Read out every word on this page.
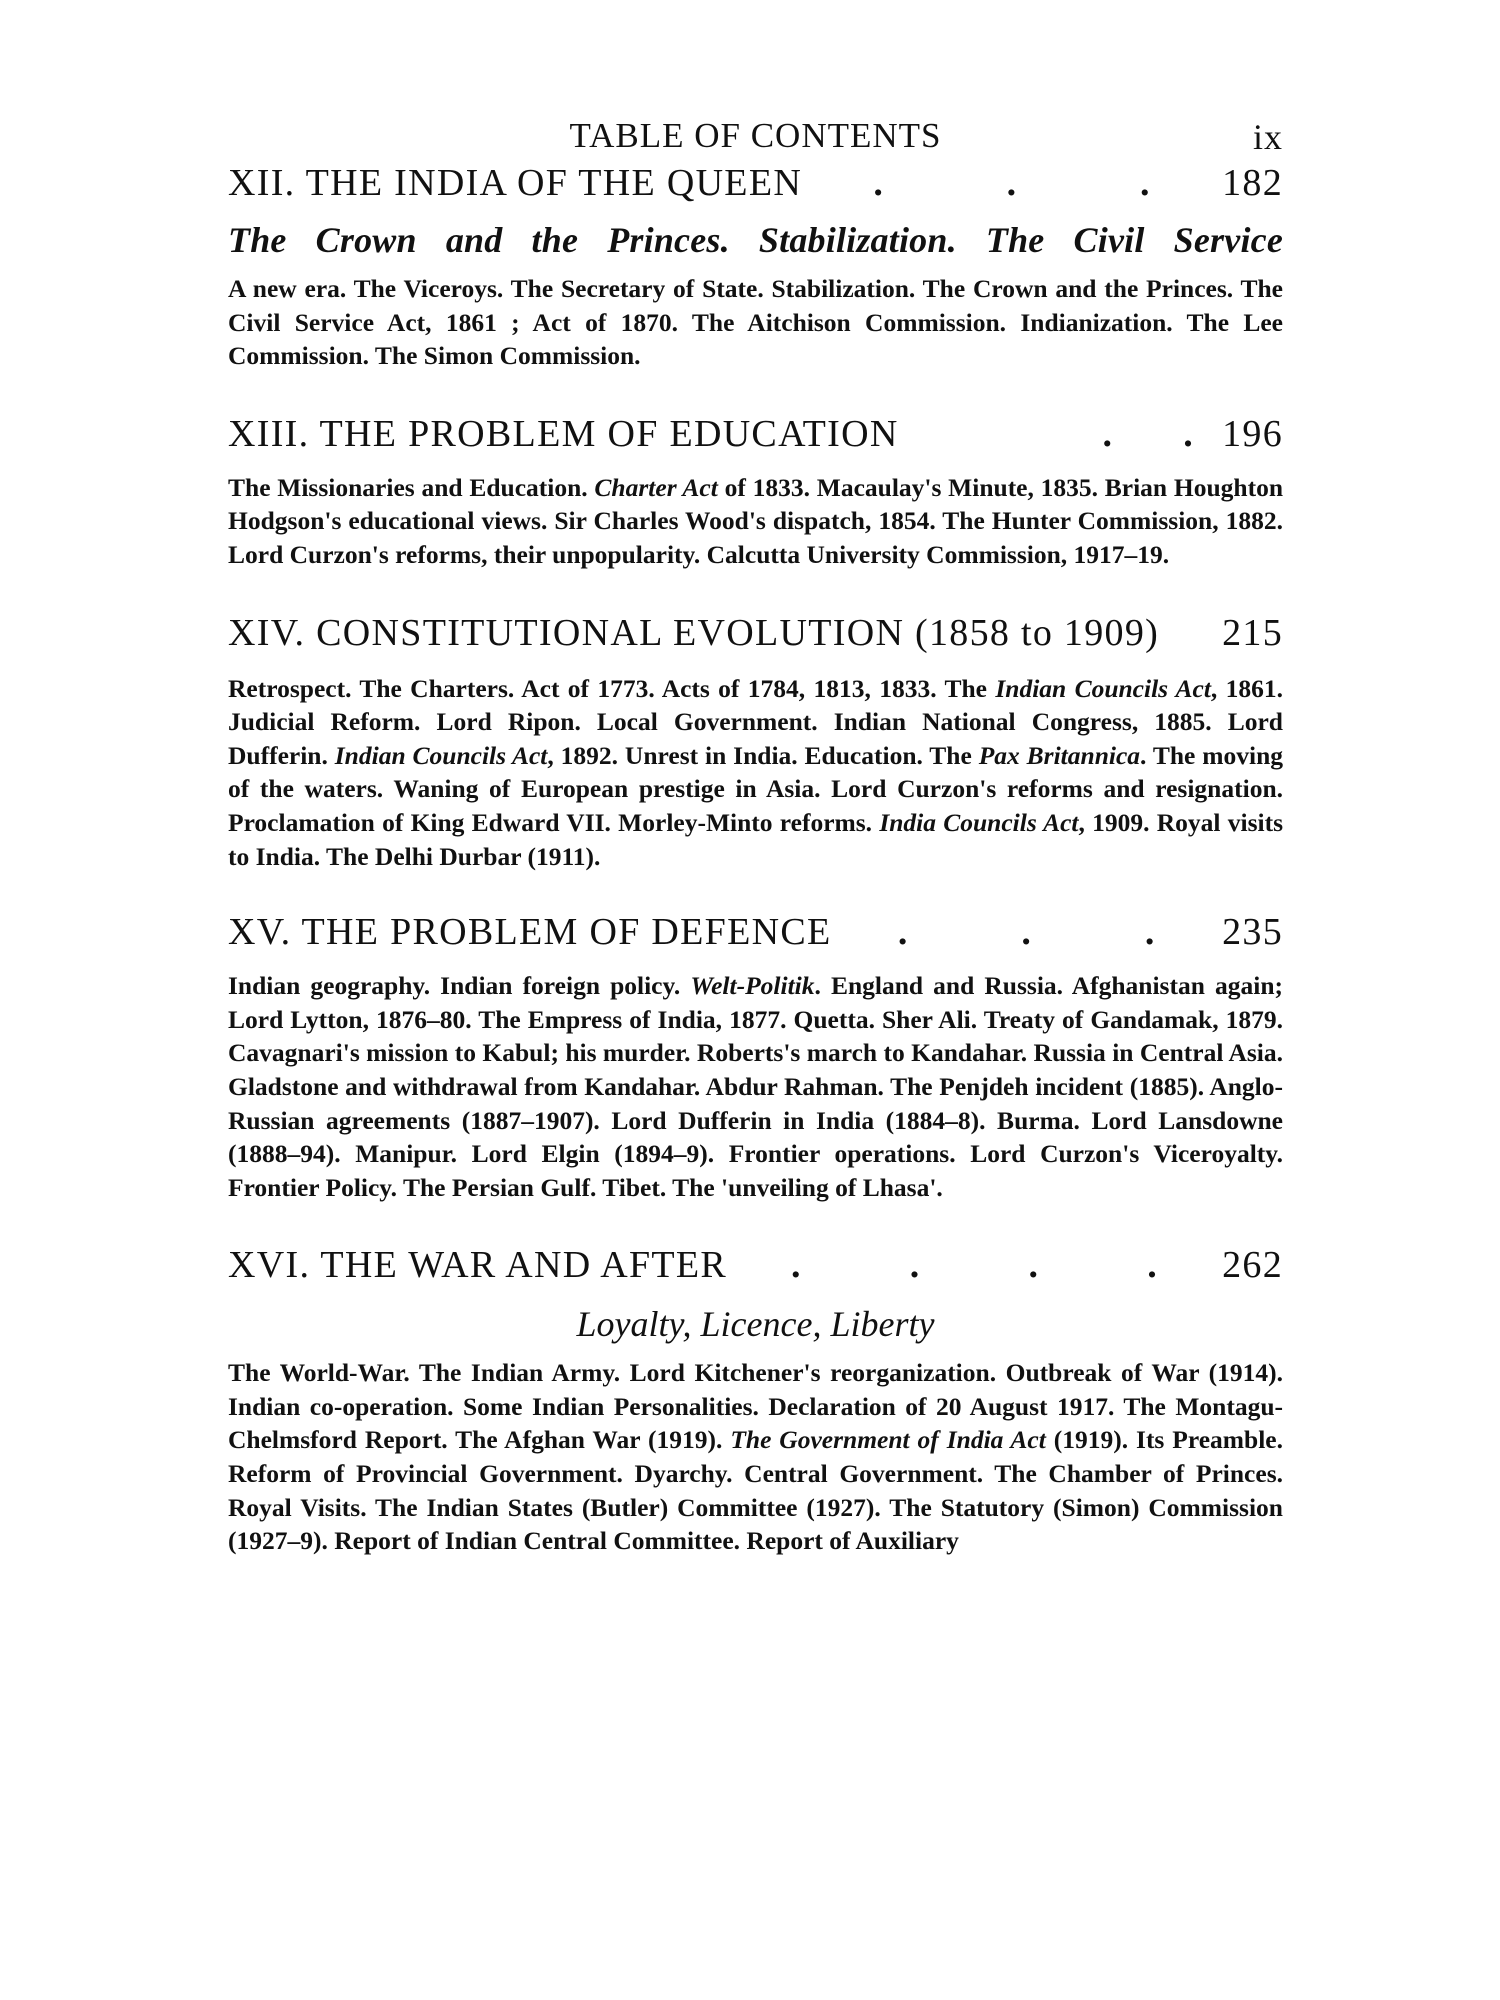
TABLE OF CONTENTS	ix
XII. THE INDIA OF THE QUEEN .	.	. 182
The Crown and the Princes. Stabilization. The Civil Service
A new era. The Viceroys. The Secretary of State. Stabilization. The Crown and the Princes. The Civil Service Act, 1861 ; Act of 1870. The Aitchison Commission. Indianization. The Lee Commission. The Simon Commission.
XIII. THE PROBLEM OF EDUCATION	. . 196
The Missionaries and Education. Charter Act of 1833. Macaulay's Minute, 1835. Brian Houghton Hodgson's educational views. Sir Charles Wood's dispatch, 1854. The Hunter Commission, 1882. Lord Curzon's reforms, their unpopularity. Calcutta University Commission, 1917–19.
XIV. CONSTITUTIONAL EVOLUTION (1858 to 1909) 215
Retrospect. The Charters. Act of 1773. Acts of 1784, 1813, 1833. The Indian Councils Act, 1861. Judicial Reform. Lord Ripon. Local Government. Indian National Congress, 1885. Lord Dufferin. Indian Councils Act, 1892. Unrest in India. Education. The Pax Britannica. The moving of the waters. Waning of European prestige in Asia. Lord Curzon's reforms and resignation. Proclamation of King Edward VII. Morley-Minto reforms. India Councils Act, 1909. Royal visits to India. The Delhi Durbar (1911).
XV. THE PROBLEM OF DEFENCE .	.	. 235
Indian geography. Indian foreign policy. Welt-Politik. England and Russia. Afghanistan again; Lord Lytton, 1876–80. The Empress of India, 1877. Quetta. Sher Ali. Treaty of Gandamak, 1879. Cavagnari's mission to Kabul; his murder. Roberts's march to Kandahar. Russia in Central Asia. Gladstone and withdrawal from Kandahar. Abdur Rahman. The Penjdeh incident (1885). Anglo-Russian agreements (1887–1907). Lord Dufferin in India (1884–8). Burma. Lord Lansdowne (1888–94). Manipur. Lord Elgin (1894–9). Frontier operations. Lord Curzon's Viceroyalty. Frontier Policy. The Persian Gulf. Tibet. The 'unveiling of Lhasa'.
XVI. THE WAR AND AFTER .	.	.	. 262
Loyalty, Licence, Liberty
The World-War. The Indian Army. Lord Kitchener's reorganization. Outbreak of War (1914). Indian co-operation. Some Indian Personalities. Declaration of 20 August 1917. The Montagu-Chelmsford Report. The Afghan War (1919). The Government of India Act (1919). Its Preamble. Reform of Provincial Government. Dyarchy. Central Government. The Chamber of Princes. Royal Visits. The Indian States (Butler) Committee (1927). The Statutory (Simon) Commission (1927–9). Report of Indian Central Committee. Report of Auxiliary
